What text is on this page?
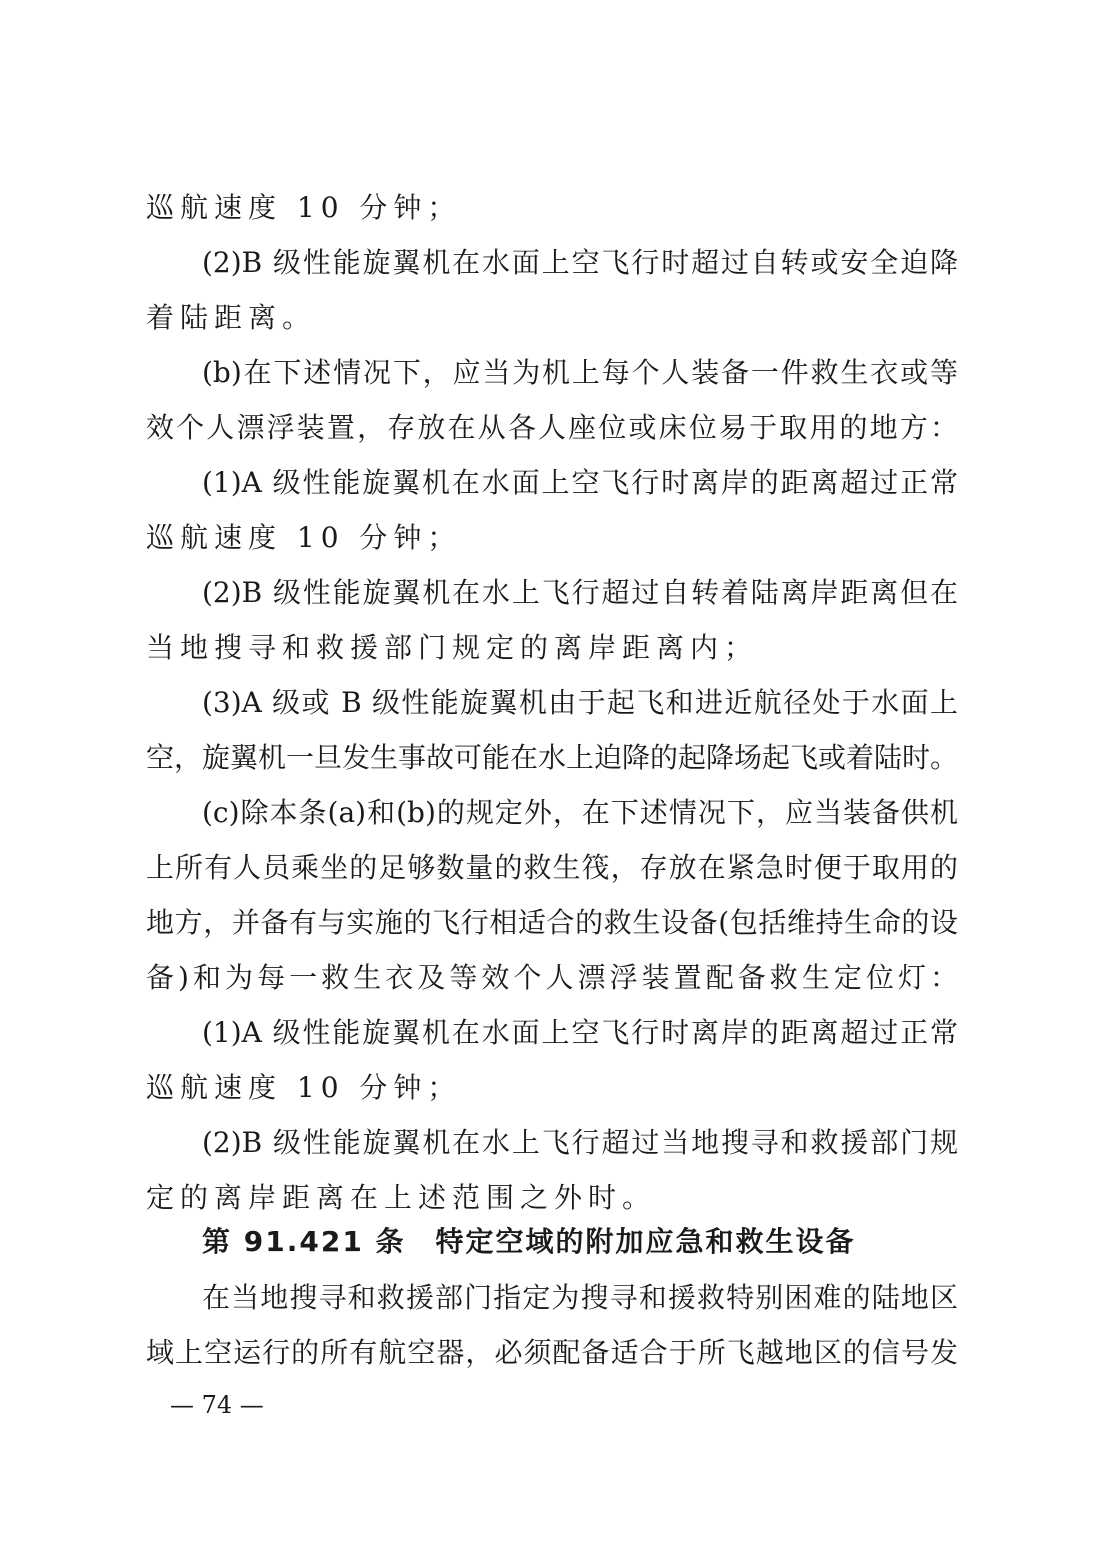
巡航速度 10 分钟；
(2)B 级性能旋翼机在水面上空飞行时超过自转或安全迫降
着陆距离。
(b)在下述情况下，应当为机上每个人装备一件救生衣或等
效个人漂浮装置，存放在从各人座位或床位易于取用的地方：
(1)A 级性能旋翼机在水面上空飞行时离岸的距离超过正常
巡航速度 10 分钟；
(2)B 级性能旋翼机在水上飞行超过自转着陆离岸距离但在
当地搜寻和救援部门规定的离岸距离内；
(3)A 级或 B 级性能旋翼机由于起飞和进近航径处于水面上
空，旋翼机一旦发生事故可能在水上迫降的起降场起飞或着陆时。
(c)除本条(a)和(b)的规定外，在下述情况下，应当装备供机
上所有人员乘坐的足够数量的救生筏，存放在紧急时便于取用的
地方，并备有与实施的飞行相适合的救生设备(包括维持生命的设
备)和为每一救生衣及等效个人漂浮装置配备救生定位灯：
(1)A 级性能旋翼机在水面上空飞行时离岸的距离超过正常
巡航速度 10 分钟；
(2)B 级性能旋翼机在水上飞行超过当地搜寻和救援部门规
定的离岸距离在上述范围之外时。
第 91.421 条　特定空域的附加应急和救生设备
在当地搜寻和救援部门指定为搜寻和援救特别困难的陆地区
域上空运行的所有航空器，必须配备适合于所飞越地区的信号发
— 74 —
